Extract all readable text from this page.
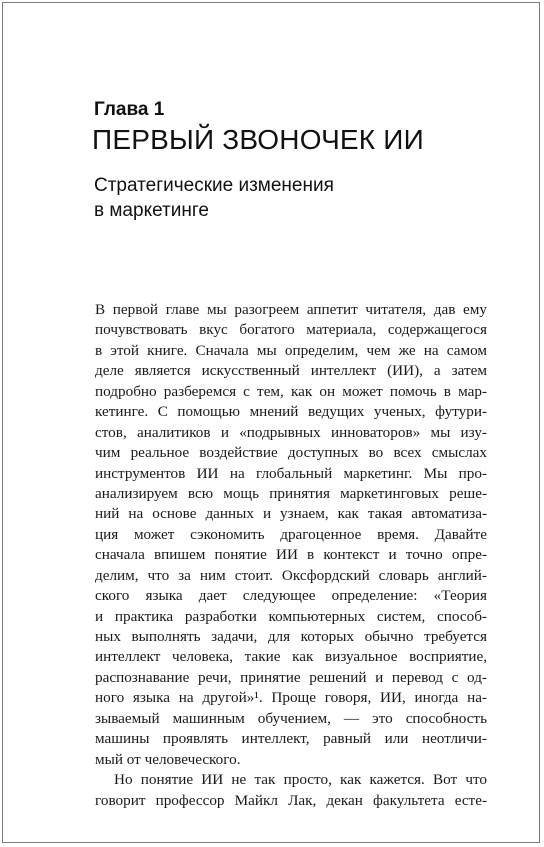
Глава 1
ПЕРВЫЙ ЗВОНОЧЕК ИИ
Стратегические изменения
в маркетинге
В первой главе мы разогреем аппетит читателя, дав ему
почувствовать вкус богатого материала, содержащегося
в этой книге. Сначала мы определим, чем же на самом
деле является искусственный интеллект (ИИ), а затем
подробно разберемся с тем, как он может помочь в мар-
кетинге. С помощью мнений ведущих ученых, футури-
стов, аналитиков и «подрывных инноваторов» мы изу-
чим реальное воздействие доступных во всех смыслах
инструментов ИИ на глобальный маркетинг. Мы про-
анализируем всю мощь принятия маркетинговых реше-
ний на основе данных и узнаем, как такая автоматиза-
ция может сэкономить драгоценное время. Давайте
сначала впишем понятие ИИ в контекст и точно опре-
делим, что за ним стоит. Оксфордский словарь англий-
ского языка дает следующее определение: «Теория
и практика разработки компьютерных систем, способ-
ных выполнять задачи, для которых обычно требуется
интеллект человека, такие как визуальное восприятие,
распознавание речи, принятие решений и перевод с од-
ного языка на другой»¹. Проще говоря, ИИ, иногда на-
зываемый машинным обучением, — это способность
машины проявлять интеллект, равный или неотличи-
мый от человеческого.
Но понятие ИИ не так просто, как кажется. Вот что
говорит профессор Майкл Лак, декан факультета есте-
